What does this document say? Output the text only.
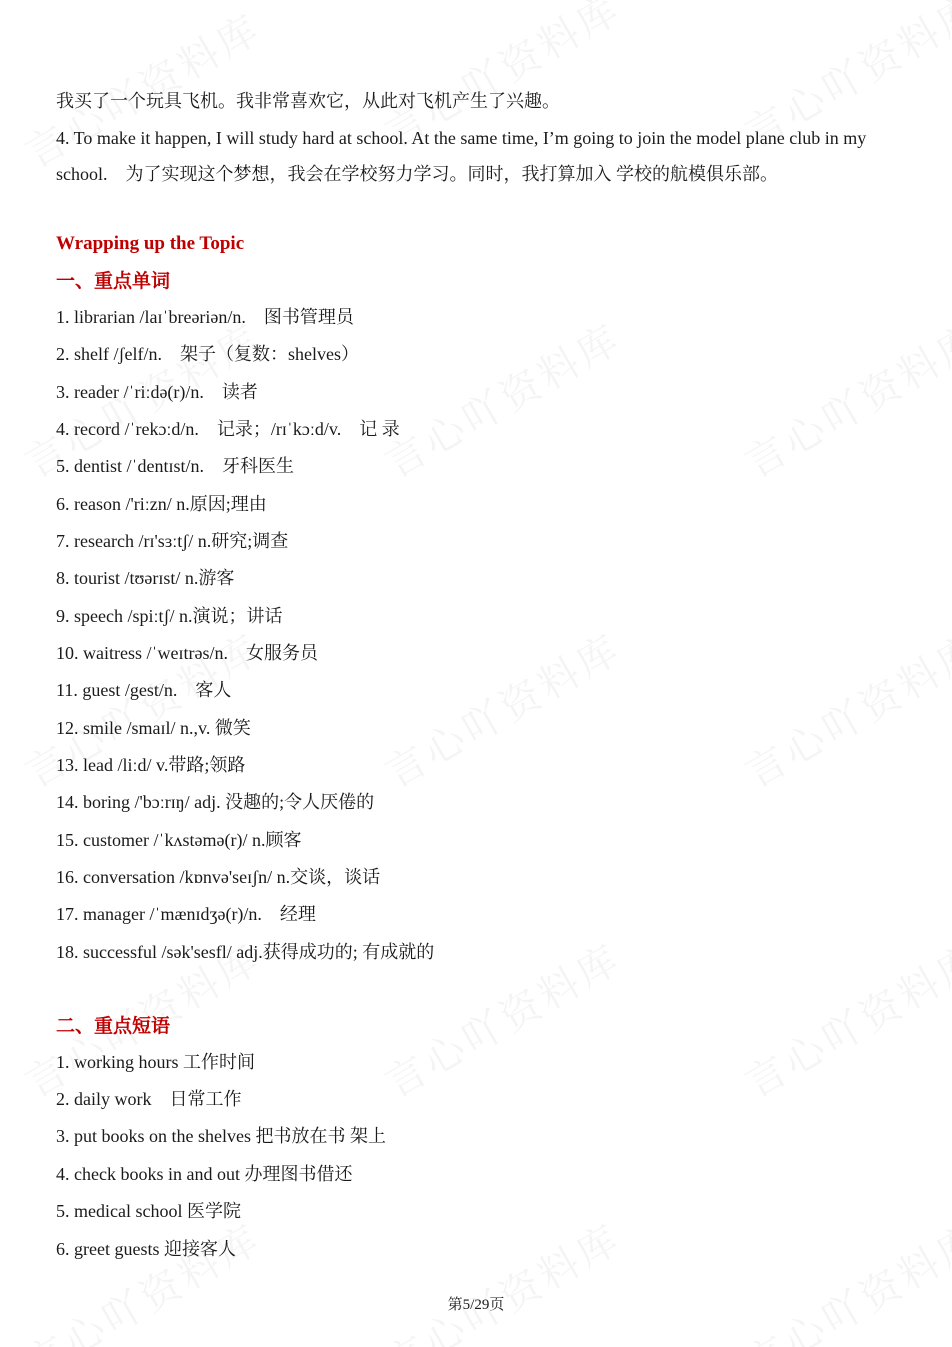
我买了一个玩具飞机。我非常喜欢它，从此对飞机产生了兴趣。
4. To make it happen, I will study hard at school. At the same time, I’m going to join the model plane club in my school.　为了实现这个梦想，我会在学校努力学习。同时，我打算加入 学校的航模俱乐部。
Wrapping up the Topic
一、重点单词
1. librarian /laɪˈbreəriən/n.　图书管理员
2. shelf /ʃelf/n.　架子（复数：shelves）
3. reader /ˈriːdə(r)/n.　读者
4. record /ˈrekɔːd/n.　记录；/rɪˈkɔːd/v.　记 录
5. dentist /ˈdentɪst/n.　牙科医生
6. reason /'riːzn/ n.原因;理由
7. research /rɪ'sɜːtʃ/ n.研究;调查
8. tourist /tʊərɪst/ n.游客
9. speech /spiːtʃ/ n.演说；讲话
10. waitress /ˈweɪtrəs/n.　女服务员
11. guest /gest/n.　客人
12. smile /smaɪl/ n.,v. 微笑
13. lead /liːd/ v.带路;领路
14. boring /'bɔːrɪŋ/ adj. 没趣的;令人厌倦的
15. customer /ˈkʌstəmə(r)/ n.顾客
16. conversation /kɒnvə'seɪʃn/ n.交谈，谈话
17. manager /ˈmænɪdʒə(r)/n.　经理
18. successful /sək'sesfl/ adj.获得成功的; 有成就的
二、重点短语
1. working hours 工作时间
2. daily work　日常工作
3. put books on the shelves 把书放在书 架上
4. check books in and out 办理图书借还
5. medical school 医学院
6. greet guests 迎接客人
第5/29页
